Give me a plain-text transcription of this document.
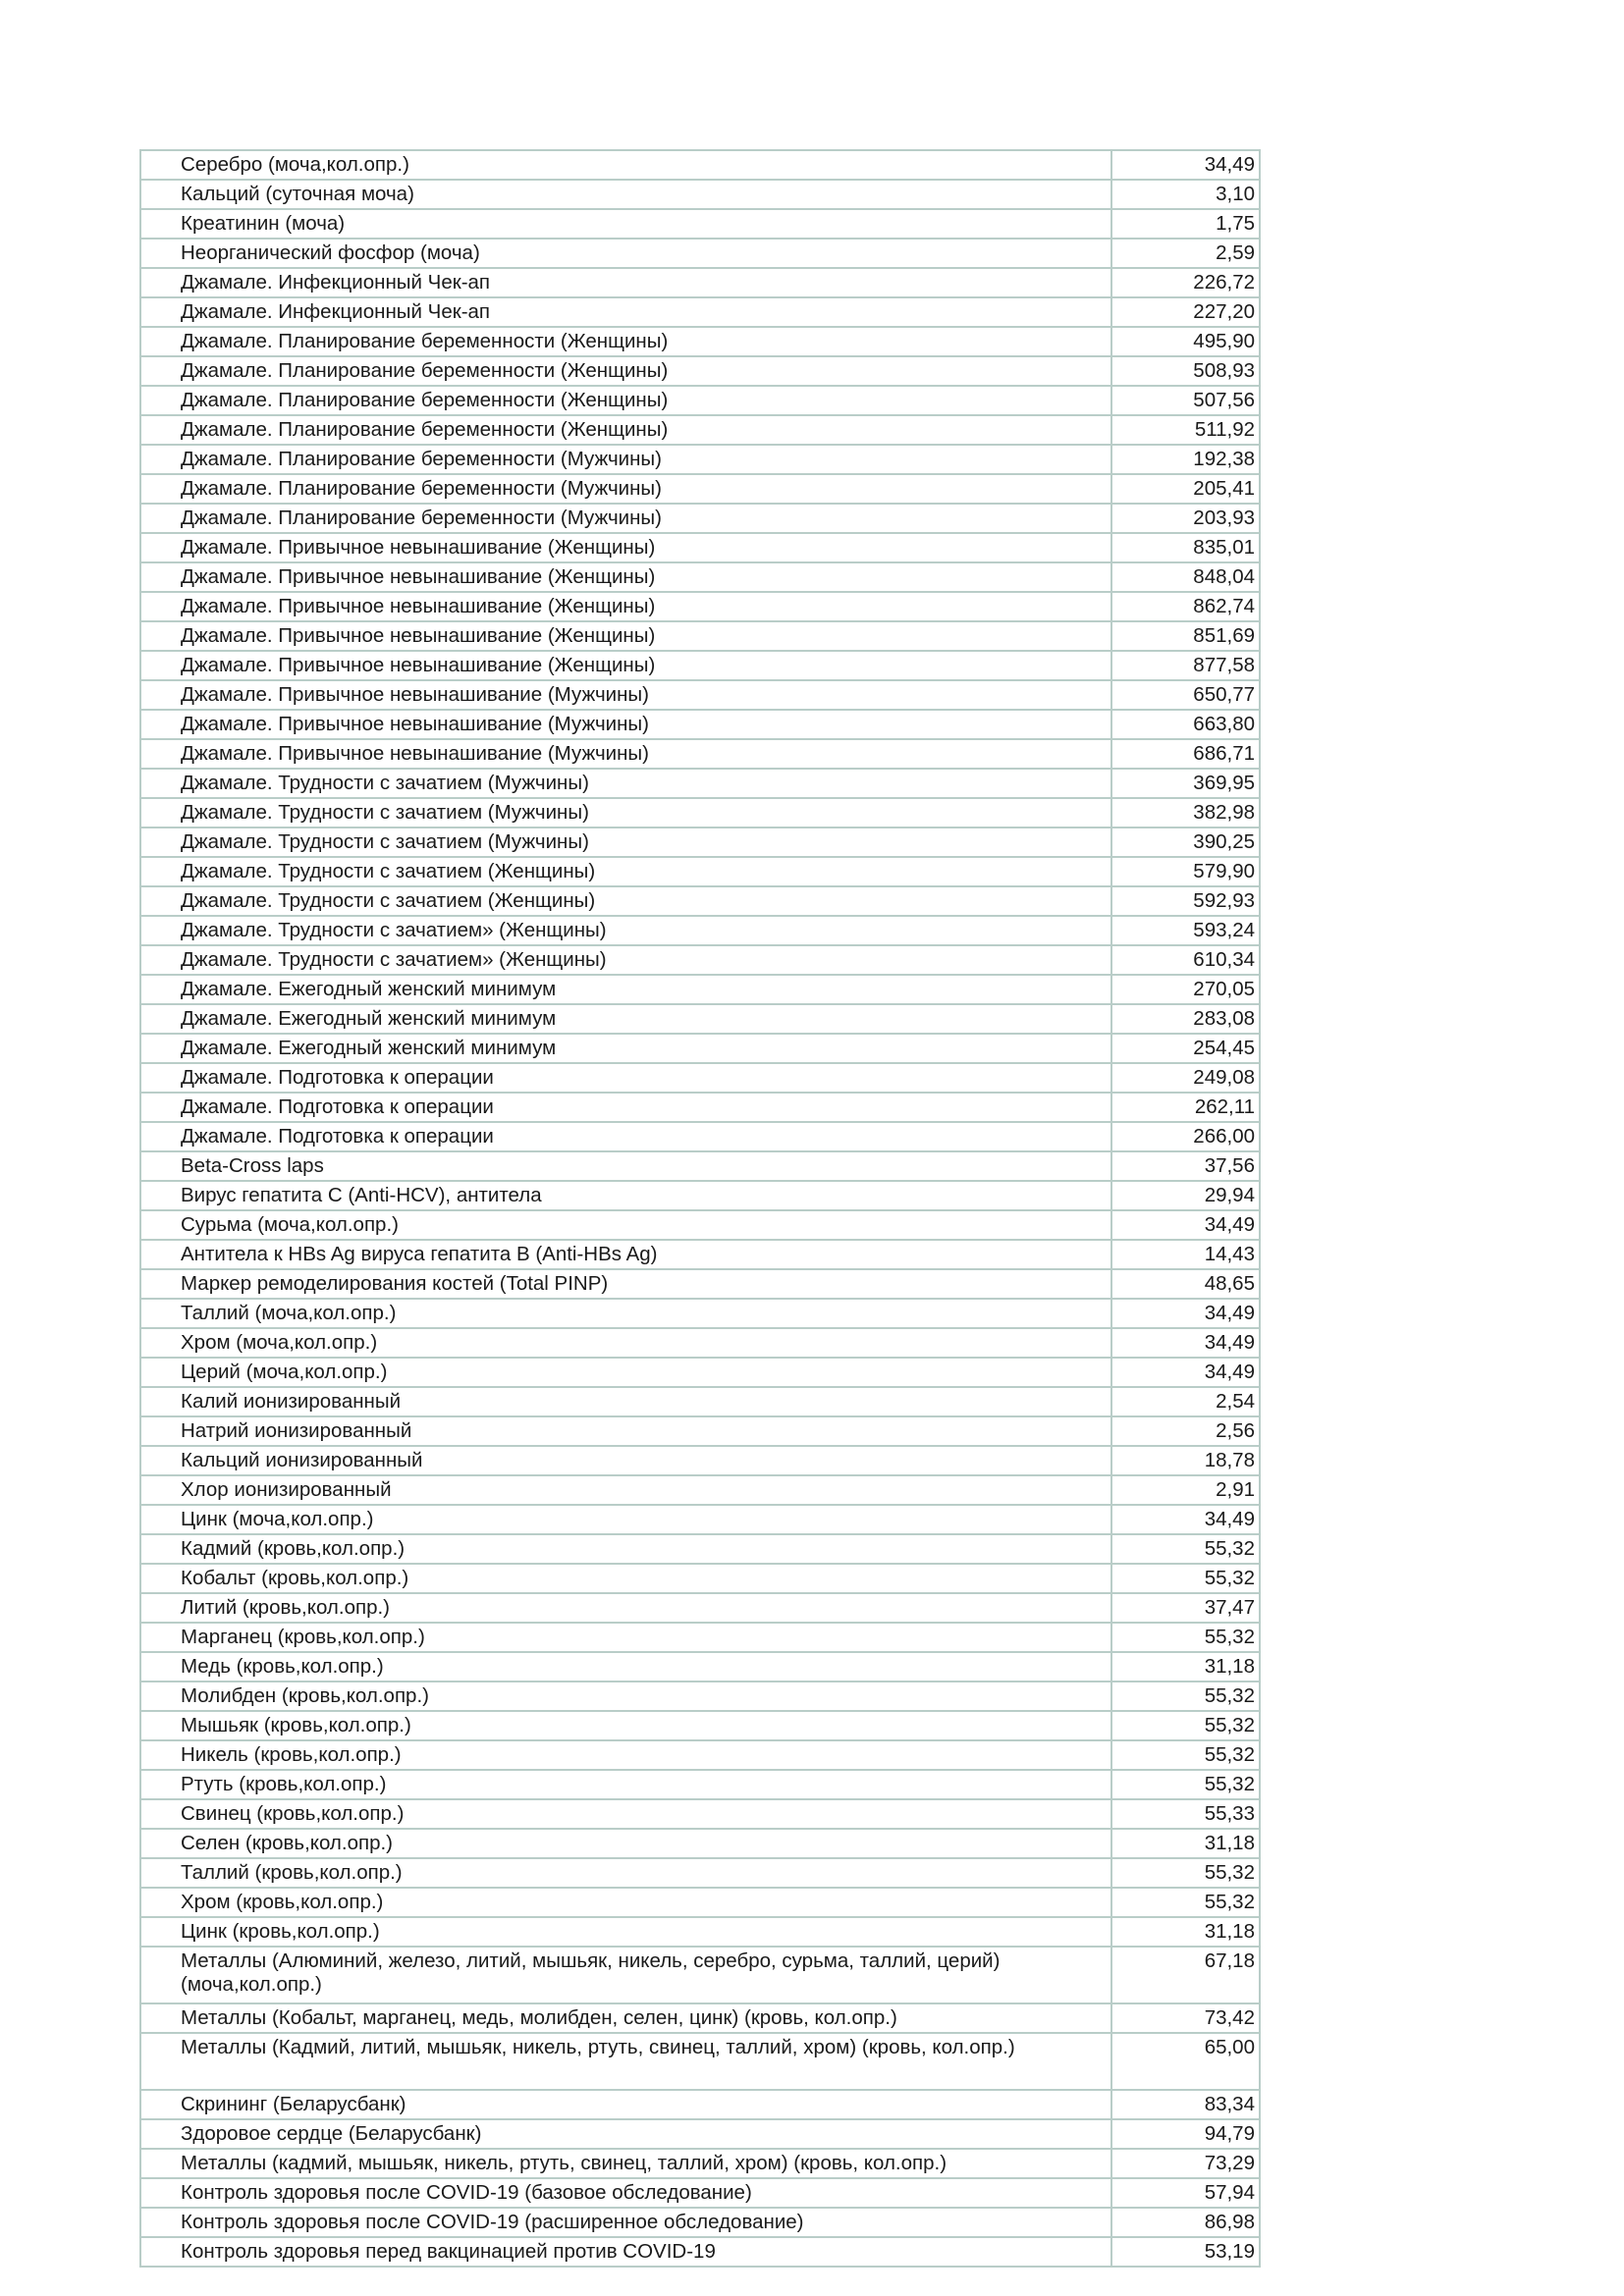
Серебро (моча,кол.опр.)	34,49
Кальций (суточная моча)	3,10
Креатинин (моча)	1,75
Неорганический фосфор (моча)	2,59
Джамале. Инфекционный Чек-ап	226,72
Джамале. Инфекционный Чек-ап	227,20
Джамале. Планирование беременности (Женщины)	495,90
Джамале. Планирование беременности (Женщины)	508,93
Джамале. Планирование беременности (Женщины)	507,56
Джамале. Планирование беременности (Женщины)	511,92
Джамале. Планирование беременности (Мужчины)	192,38
Джамале. Планирование беременности (Мужчины)	205,41
Джамале. Планирование беременности (Мужчины)	203,93
Джамале. Привычное невынашивание (Женщины)	835,01
Джамале. Привычное невынашивание (Женщины)	848,04
Джамале. Привычное невынашивание (Женщины)	862,74
Джамале. Привычное невынашивание (Женщины)	851,69
Джамале. Привычное невынашивание (Женщины)	877,58
Джамале. Привычное невынашивание (Мужчины)	650,77
Джамале. Привычное невынашивание (Мужчины)	663,80
Джамале. Привычное невынашивание (Мужчины)	686,71
Джамале. Трудности с зачатием (Мужчины)	369,95
Джамале. Трудности с зачатием (Мужчины)	382,98
Джамале. Трудности с зачатием (Мужчины)	390,25
Джамале. Трудности с зачатием (Женщины)	579,90
Джамале. Трудности с зачатием (Женщины)	592,93
Джамале. Трудности с зачатием» (Женщины)	593,24
Джамале. Трудности с зачатием» (Женщины)	610,34
Джамале. Ежегодный женский минимум	270,05
Джамале. Ежегодный женский минимум	283,08
Джамале. Ежегодный женский минимум	254,45
Джамале. Подготовка к операции	249,08
Джамале. Подготовка к операции	262,11
Джамале. Подготовка к операции	266,00
Beta-Cross laps	37,56
Вирус гепатита С (Anti-HCV), антитела	29,94
Сурьма (моча,кол.опр.)	34,49
Антитела к HBs Ag вируса гепатита В (Anti-HBs Ag)	14,43
Маркер ремоделирования костей (Total PINP)	48,65
Таллий (моча,кол.опр.)	34,49
Хром (моча,кол.опр.)	34,49
Церий (моча,кол.опр.)	34,49
Калий ионизированный	2,54
Натрий ионизированный	2,56
Кальций ионизированный	18,78
Хлор ионизированный	2,91
Цинк (моча,кол.опр.)	34,49
Кадмий (кровь,кол.опр.)	55,32
Кобальт (кровь,кол.опр.)	55,32
Литий (кровь,кол.опр.)	37,47
Марганец (кровь,кол.опр.)	55,32
Медь (кровь,кол.опр.)	31,18
Молибден (кровь,кол.опр.)	55,32
Мышьяк (кровь,кол.опр.)	55,32
Никель (кровь,кол.опр.)	55,32
Ртуть (кровь,кол.опр.)	55,32
Свинец (кровь,кол.опр.)	55,33
Селен (кровь,кол.опр.)	31,18
Таллий (кровь,кол.опр.)	55,32
Хром (кровь,кол.опр.)	55,32
Цинк (кровь,кол.опр.)	31,18
Металлы (Алюминий, железо, литий, мышьяк, никель, серебро, сурьма, таллий, церий) (моча,кол.опр.)	67,18
Металлы (Кобальт, марганец, медь, молибден, селен, цинк) (кровь, кол.опр.)	73,42
Металлы (Кадмий, литий, мышьяк, никель, ртуть, свинец, таллий, хром) (кровь, кол.опр.)	65,00
Скрининг (Беларусбанк)	83,34
Здоровое сердце (Беларусбанк)	94,79
Металлы (кадмий, мышьяк, никель, ртуть, свинец, таллий, хром) (кровь, кол.опр.)	73,29
Контроль здоровья после COVID-19 (базовое обследование)	57,94
Контроль здоровья после COVID-19 (расширенное обследование)	86,98
Контроль здоровья перед вакцинацией против COVID-19	53,19
